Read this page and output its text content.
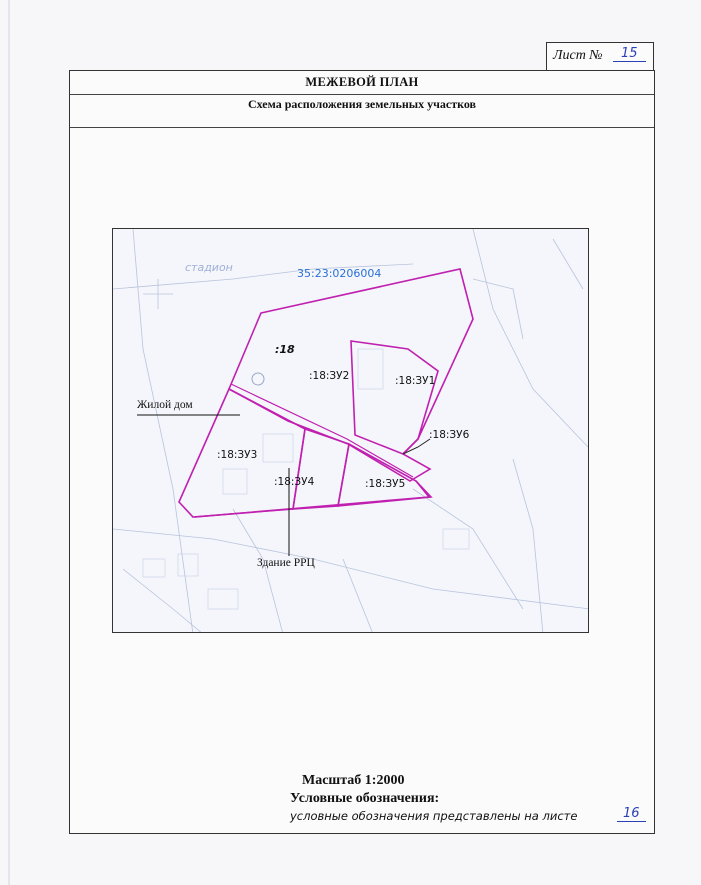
Лист №	15
МЕЖЕВОЙ ПЛАН
Схема расположения земельных участков
стадион	35:23:0206004
:18
:18:ЗУ2	:18:ЗУ1
:18:ЗУ6
:18:ЗУ3
:18:ЗУ4	:18:ЗУ5
Жилой дом
Здание РРЦ
Масштаб 1:2000
Условные обозначения:
условные обозначения представлены на листе	16
